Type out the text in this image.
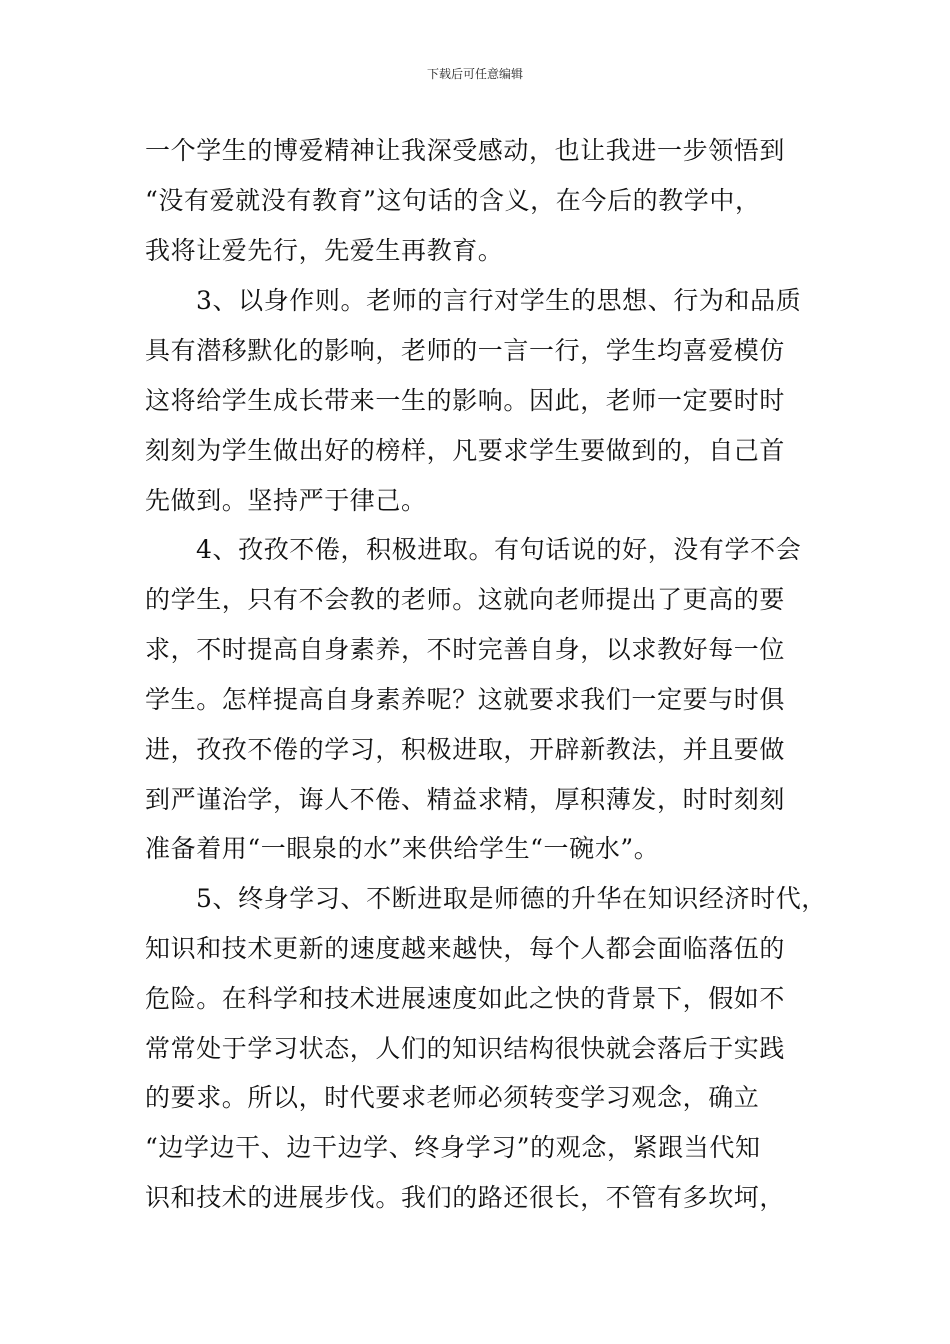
下载后可任意编辑
一个学生的博爱精神让我深受感动，也让我进一步领悟到
“没有爱就没有教育”这句话的含义，在今后的教学中，
我将让爱先行，先爱生再教育。
3、以身作则。老师的言行对学生的思想、行为和品质
具有潜移默化的影响，老师的一言一行，学生均喜爱模仿
这将给学生成长带来一生的影响。因此，老师一定要时时
刻刻为学生做出好的榜样，凡要求学生要做到的，自己首
先做到。坚持严于律己。
4、孜孜不倦，积极进取。有句话说的好，没有学不会
的学生，只有不会教的老师。这就向老师提出了更高的要
求，不时提高自身素养，不时完善自身，以求教好每一位
学生。怎样提高自身素养呢？这就要求我们一定要与时俱
进，孜孜不倦的学习，积极进取，开辟新教法，并且要做
到严谨治学，诲人不倦、精益求精，厚积薄发，时时刻刻
准备着用“一眼泉的水”来供给学生“一碗水”。
5、终身学习、不断进取是师德的升华在知识经济时代，
知识和技术更新的速度越来越快，每个人都会面临落伍的
危险。在科学和技术进展速度如此之快的背景下，假如不
常常处于学习状态，人们的知识结构很快就会落后于实践
的要求。所以，时代要求老师必须转变学习观念，确立
“边学边干、边干边学、终身学习”的观念，紧跟当代知
识和技术的进展步伐。我们的路还很长，不管有多坎坷，
